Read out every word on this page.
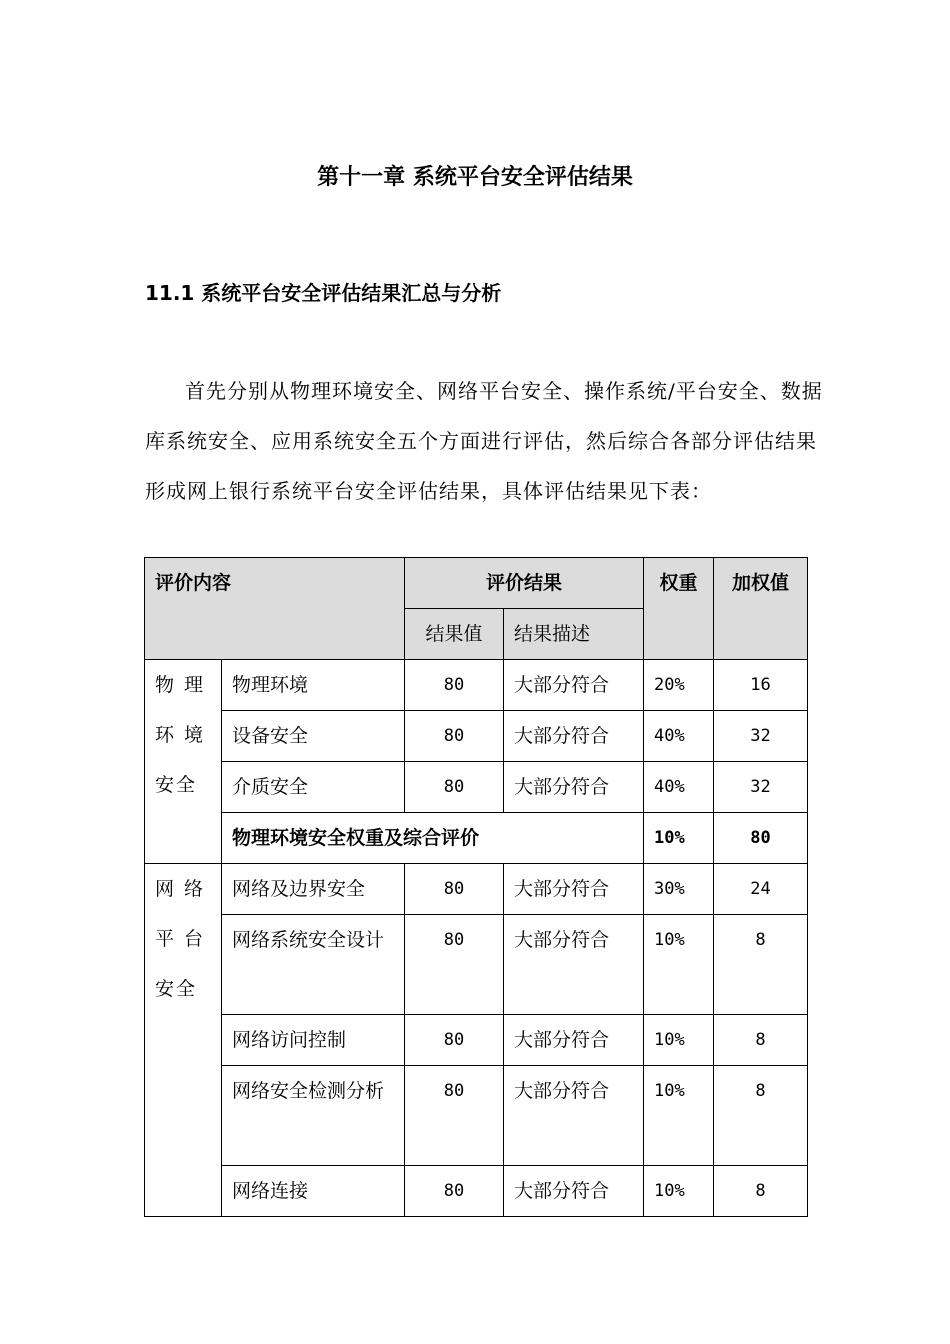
第十一章 系统平台安全评估结果
11.1 系统平台安全评估结果汇总与分析
首先分别从物理环境安全、网络平台安全、操作系统/平台安全、数据库系统安全、应用系统安全五个方面进行评估，然后综合各部分评估结果形成网上银行系统平台安全评估结果，具体评估结果见下表：
评价内容		评价结果		权重	加权值
		结果值	结果描述		

物 理
环 境
安全	物理环境	80	大部分符合	20%	16
	设备安全	80	大部分符合	40%	32
	介质安全	80	大部分符合	40%	32
	物理环境安全权重及综合评价			10%	80

网 络
平 台
安全	网络及边界安全	80	大部分符合	30%	24
	网络系统安全设计	80	大部分符合	10%	8
	网络访问控制	80	大部分符合	10%	8
	网络安全检测分析	80	大部分符合	10%	8
	网络连接	80	大部分符合	10%	8
